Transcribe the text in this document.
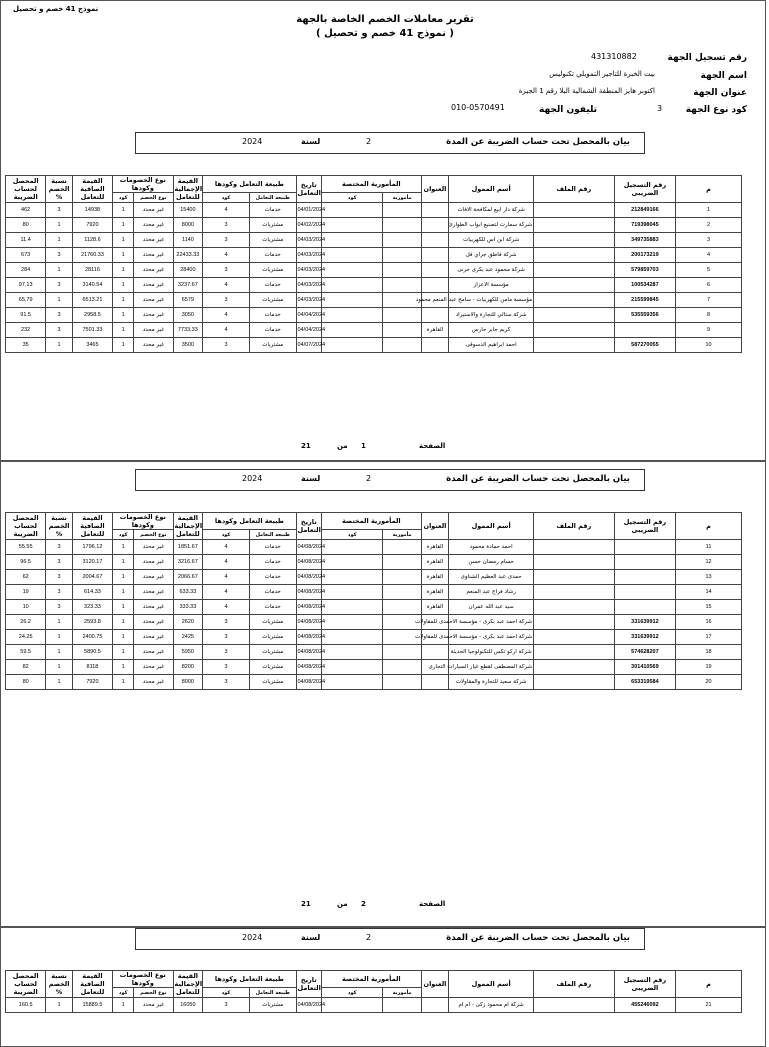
نموذج 41 خصم و تحصيل
تقرير معاملات الخصم الخاصة بالجهة
( نموذج 41 خصم و تحصيل )
رقم تسجيل الجهة
431310882
اسم الجهة
بيت الخبرة للتاجير التمويلي تكنوليس
عنوان الجهة
اكتوبر هايز المنطقة الشمالية البلا رقم 1 الجيزة
كود نوع الجهة
3
تليفون الجهة
010-0570491
بيان بالمحصل تحت حساب الضريبة عن المدة
2
لسنة
2024
المحصل لحساب الضريبة	نسبة الخصم %	القيمة الصافية للتعامل	نوع الخصومات وكودها		القيمة الإجمالية للتعامل	طبيعة التعامل وكودها		تاريخ التعامل	المأمورية المختصة		العنوان	أسم الممول	رقم الملف	رقم التسجيل الضريبى	م
			كود	نوع الخصم		كود	طبيعة التعامل		كود	مأمورية					
462	3	14938	1	غير محدد	15400	4	خدمات	04/01/2024				شركة دار ابيع لمكافحة الافات		212849166	1
80	1	7920	1	غير محدد	8000	3	مشتريات	04/02/2024				شركة سمارت لتصنيع ابواب الطوارئ		719398045	2
11.4	1	1128.6	1	غير محدد	1140	3	مشتريات	04/03/2024				شركة ابن اس للكهربيات		349735883	3
673	3	21760.33	1	غير محدد	22433.33	4	خدمات	04/03/2024				شركة فاطق جراي فل		200173219	4
284	1	28116	1	غير محدد	28400	3	مشتريات	04/03/2024				شركة محمود عبد بكرى حرنى		579859703	5
97.13	3	3140.54	1	غير محدد	3237.67	4	خدمات	04/03/2024				مؤسسة الاعزاز		100534287	6
65.79	1	6513.21	1	غير محدد	6579	3	مشتريات	04/03/2024				مؤسسة مامن للكهربيات - سامح عبد المنعم محمود		215599845	7
91.5	3	2958.5	1	غير محدد	3050	4	خدمات	04/04/2024				شركة ستالي للتجارة والاستيراد		535559356	8
232	3	7501.33	1	غير محدد	7733.33	4	خدمات	04/04/2024			القاهرة	كريم جابر حارس			9
35	1	3465	1	غير محدد	3500	3	مشتريات	04/07/2024				احمد ابراهيم الدسوقى		587270055	10
الصفحة
1
من
21
بيان بالمحصل تحت حساب الضريبة عن المدة
2
لسنة
2024
المحصل لحساب الضريبة	نسبة الخصم %	القيمة الصافية للتعامل	نوع الخصومات وكودها		القيمة الإجمالية للتعامل	طبيعة التعامل وكودها		تاريخ التعامل	المأمورية المختصة		العنوان	أسم الممول	رقم الملف	رقم التسجيل الضريبى	م
			كود	نوع الخصم		كود	طبيعة التعامل		كود	مأمورية					
55.55	3	1796.12	1	غير محدد	1851.67	4	خدمات	04/08/2024			القاهرة	احمد حمادة محمود			11
96.5	3	3120.17	1	غير محدد	3216.67	4	خدمات	04/08/2024			القاهرة	حسام رمضان حسن			12
62	3	2004.67	1	غير محدد	2066.67	4	خدمات	04/08/2024			القاهرة	حمدى عبد العظيم الشناوى			13
19	3	614.33	1	غير محدد	633.33	4	خدمات	04/08/2024			القاهرة	رشاد فراج عبد المنعم			14
10	3	323.33	1	غير محدد	333.33	4	خدمات	04/08/2024			القاهرة	سيد عبد الله عمران			15
26.2	1	2593.8	1	غير محدد	2620	3	مشتريات	04/08/2024				شركة احمد عبد بكرى - مؤسسة الاحمدى للمقاولات		331639912	16
24.25	1	2400.75	1	غير محدد	2425	3	مشتريات	04/08/2024				شركة احمد عبد بكرى - مؤسسة الاحمدى للمقاولات		331639912	17
59.5	1	5890.5	1	غير محدد	5950	3	مشتريات	04/08/2024				شركة اركو تكس للتكنولوجيا الحديثة		574628207	18
82	1	8118	1	غير محدد	8200	3	مشتريات	04/08/2024				شركة المصطفى لقطع غيار السيارات التجارى		301410569	19
80	1	7920	1	غير محدد	8000	3	مشتريات	04/08/2024				شركة سعيد للتجارة والمقاولات		653319584	20
الصفحة
2
من
21
بيان بالمحصل تحت حساب الضريبة عن المدة
2
لسنة
2024
المحصل لحساب الضريبة	نسبة الخصم %	القيمة الصافية للتعامل	نوع الخصومات وكودها		القيمة الإجمالية للتعامل	طبيعة التعامل وكودها		تاريخ التعامل	المأمورية المختصة		العنوان	أسم الممول	رقم الملف	رقم التسجيل الضريبى	م
			كود	نوع الخصم		كود	طبيعة التعامل		كود	مأمورية					
160.5	1	15889.5	1	غير محدد	16050	3	مشتريات	04/08/2024				شركة ام محمود زكى - ام ام		455246092	21
